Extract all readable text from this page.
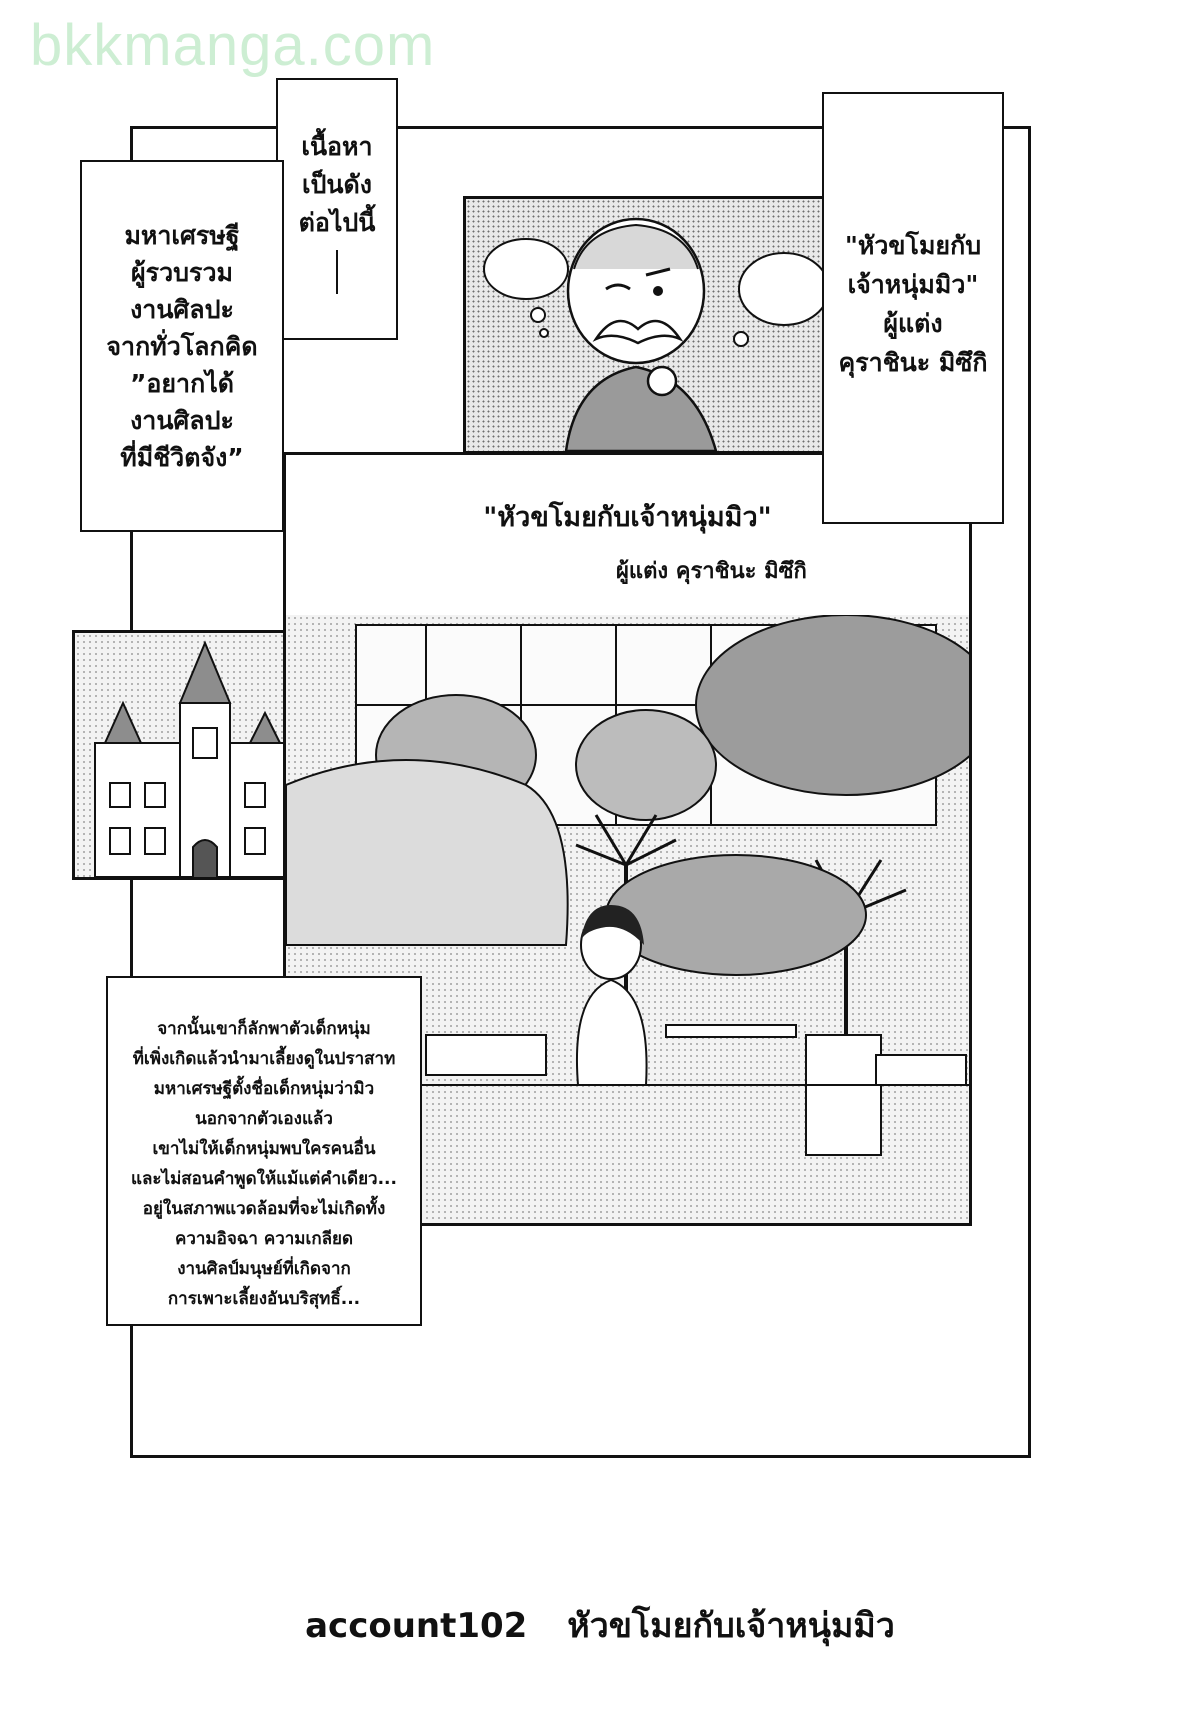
bkkmanga.com
"หัวขโมยกับเจ้าหนุ่มมิว"
ผู้แต่ง คุราชินะ มิซึกิ
เนื้อหา
เป็นดัง
ต่อไปนี้
มหาเศรษฐี
ผู้รวบรวม
งานศิลปะ
จากทั่วโลกคิด
”อยากได้
งานศิลปะ
ที่มีชีวิตจัง”
"หัวขโมยกับ
เจ้าหนุ่มมิว"
ผู้แต่ง
คุราชินะ มิซึกิ
จากนั้นเขาก็ลักพาตัวเด็กหนุ่ม
ที่เพิ่งเกิดแล้วนำมาเลี้ยงดูในปราสาท
มหาเศรษฐีตั้งชื่อเด็กหนุ่มว่ามิว
นอกจากตัวเองแล้ว
เขาไม่ให้เด็กหนุ่มพบใครคนอื่น
และไม่สอนคำพูดให้แม้แต่คำเดียว...
อยู่ในสภาพแวดล้อมที่จะไม่เกิดทั้ง
ความอิจฉา ความเกลียด
งานศิลป์มนุษย์ที่เกิดจาก
การเพาะเลี้ยงอันบริสุทธิ์...
account102 หัวขโมยกับเจ้าหนุ่มมิว
